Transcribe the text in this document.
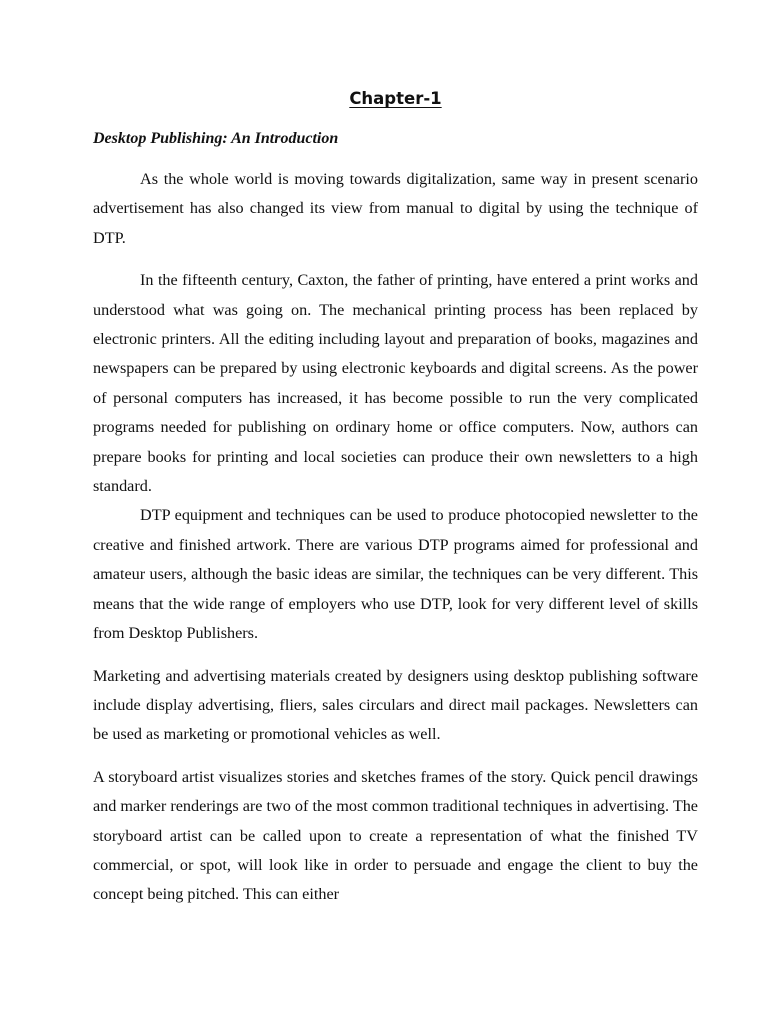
Chapter-1
Desktop Publishing: An Introduction

As the whole world is moving towards digitalization, same way in present scenario advertisement has also changed its view from manual to digital by using the technique of DTP.

In the fifteenth century, Caxton, the father of printing, have entered a print works and understood what was going on. The mechanical printing process has been replaced by electronic printers. All the editing including layout and preparation of books, magazines and newspapers can be prepared by using electronic keyboards and digital screens. As the power of personal computers has increased, it has become possible to run the very complicated programs needed for publishing on ordinary home or office computers. Now, authors can prepare books for printing and local societies can produce their own newsletters to a high standard.

DTP equipment and techniques can be used to produce photocopied newsletter to the creative and finished artwork. There are various DTP programs aimed for professional and amateur users, although the basic ideas are similar, the techniques can be very different. This means that the wide range of employers who use DTP, look for very different level of skills from Desktop Publishers.

Marketing and advertising materials created by designers using desktop publishing software include display advertising, fliers, sales circulars and direct mail packages. Newsletters can be used as marketing or promotional vehicles as well.

A storyboard artist visualizes stories and sketches frames of the story. Quick pencil drawings and marker renderings are two of the most common traditional techniques in advertising. The storyboard artist can be called upon to create a representation of what the finished TV commercial, or spot, will look like in order to persuade and engage the client to buy the concept being pitched. This can either
